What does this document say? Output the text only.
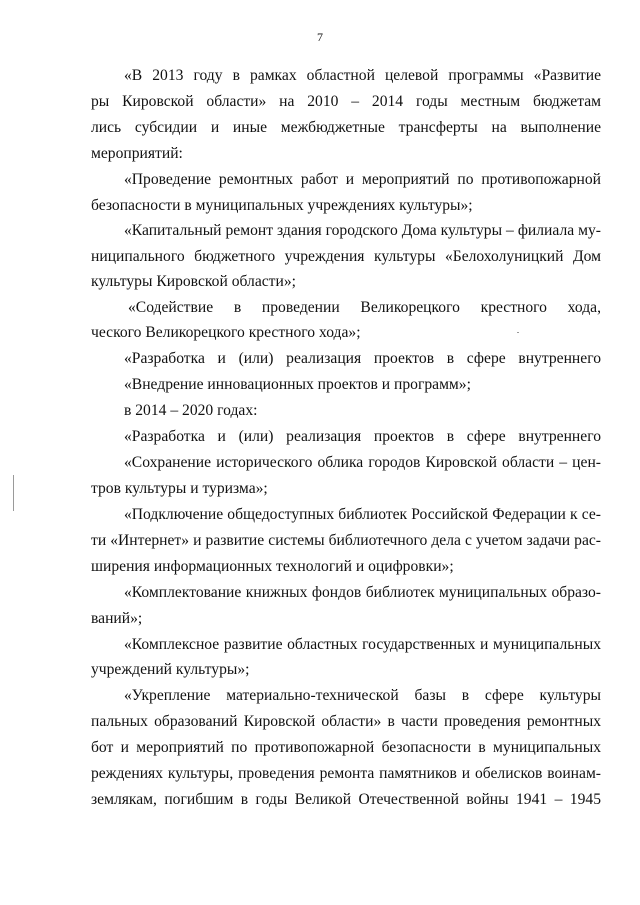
7
«В 2013 году в рамках областной целевой программы «Развитие
ры Кировской области» на 2010 – 2014 годы местным бюджетам
лись субсидии и иные межбюджетные трансферты на выполнение
мероприятий:
«Проведение ремонтных работ и мероприятий по противопожарной
безопасности в муниципальных учреждениях культуры»;
«Капитальный ремонт здания городского Дома культуры – филиала му-
ниципального бюджетного учреждения культуры «Белохолуницкий Дом
культуры Кировской области»;
«Содействие в проведении Великорецкого крестного хода,
ческого Великорецкого крестного хода»;
«Разработка и (или) реализация проектов в сфере внутреннего
«Внедрение инновационных проектов и программ»;
в 2014 – 2020 годах:
«Разработка и (или) реализация проектов в сфере внутреннего
«Сохранение исторического облика городов Кировской области – цен-
тров культуры и туризма»;
«Подключение общедоступных библиотек Российской Федерации к се-
ти «Интернет» и развитие системы библиотечного дела с учетом задачи рас-
ширения информационных технологий и оцифровки»;
«Комплектование книжных фондов библиотек муниципальных образо-
ваний»;
«Комплексное развитие областных государственных и муниципальных
учреждений культуры»;
«Укрепление материально-технической базы в сфере культуры
пальных образований Кировской области» в части проведения ремонтных
бот и мероприятий по противопожарной безопасности в муниципальных
реждениях культуры, проведения ремонта памятников и обелисков воинам-
землякам, погибшим в годы Великой Отечественной войны 1941 – 1945
